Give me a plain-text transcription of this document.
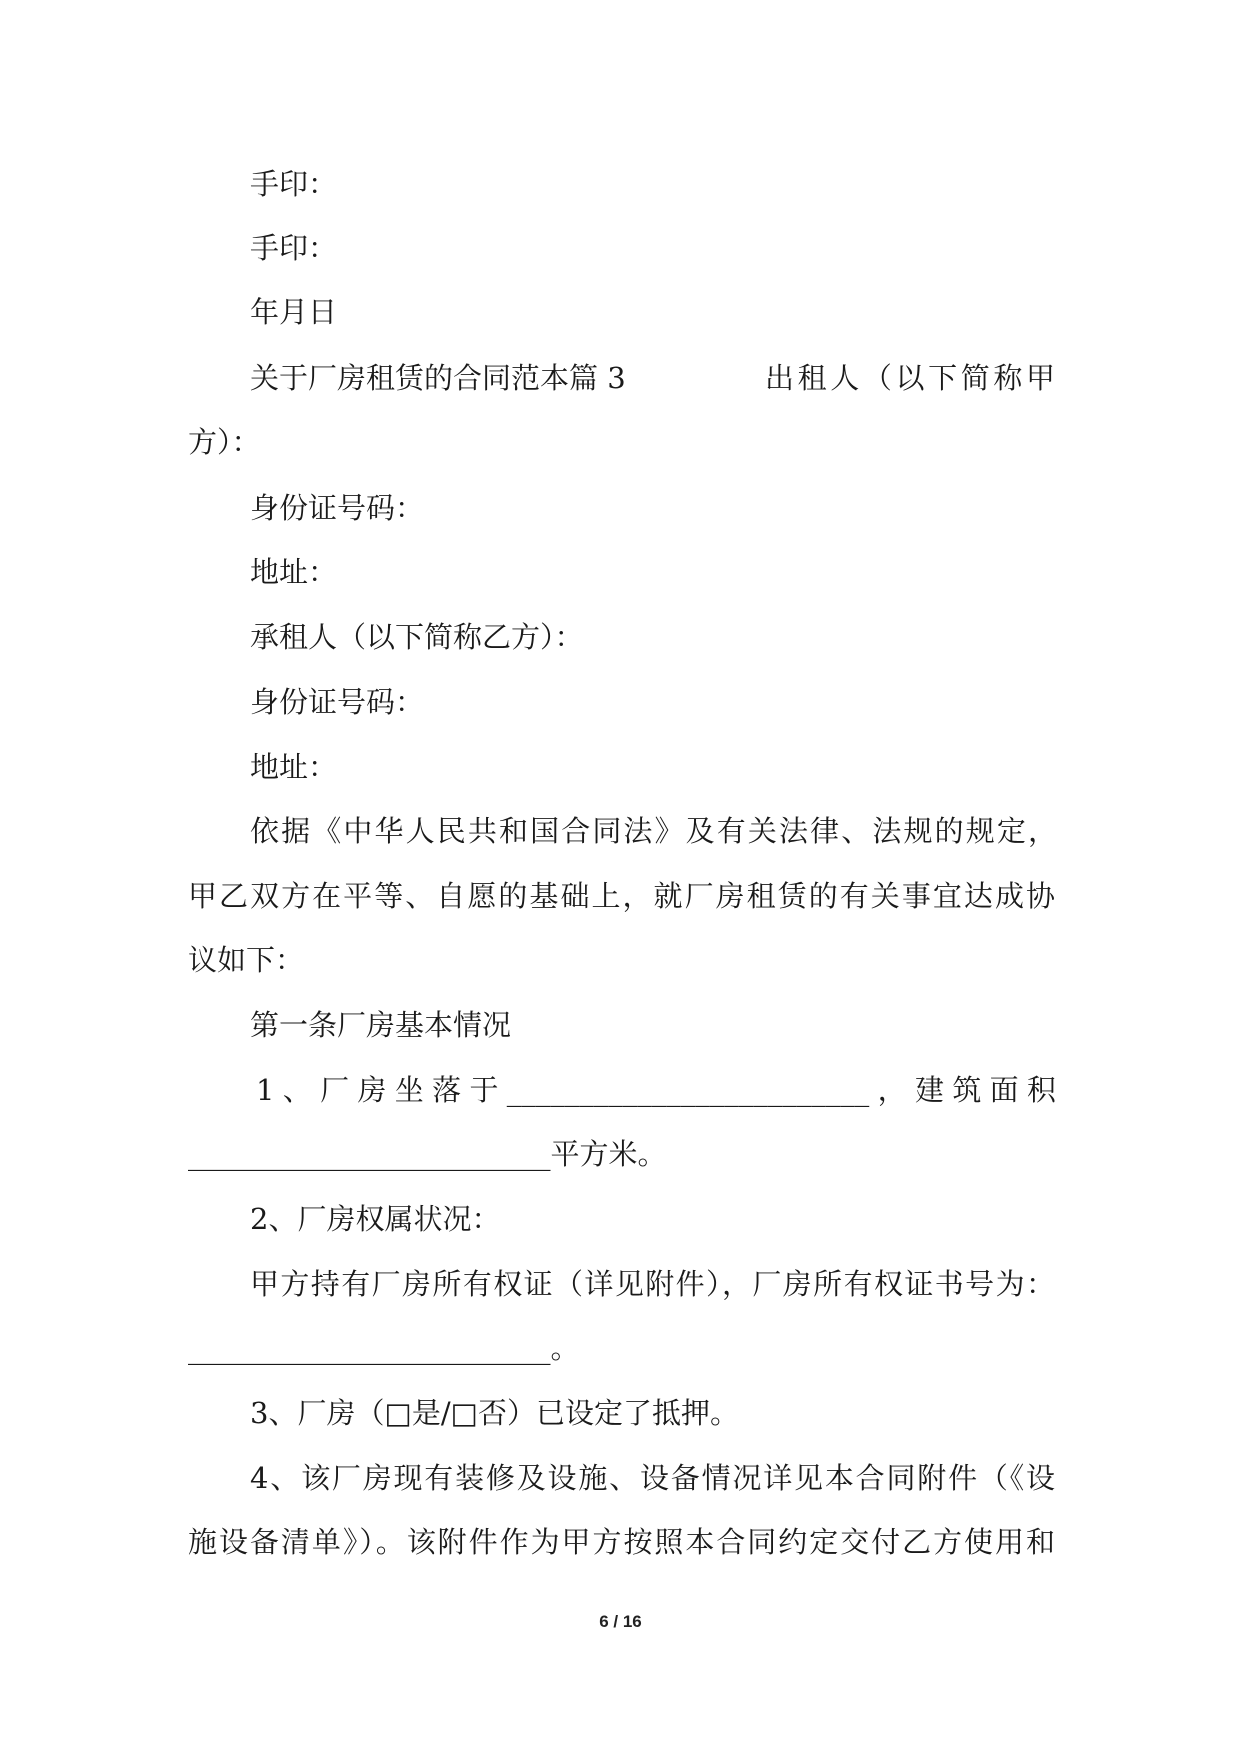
手印：
手印：
年月日
关于厂房租赁的合同范本篇 3	出租人（以下简称甲
方）：
身份证号码：
地址：
承租人（以下简称乙方）：
身份证号码：
地址：
依据《中华人民共和国合同法》及有关法律、法规的规定，
甲乙双方在平等、自愿的基础上，就厂房租赁的有关事宜达成协
议如下：
第一条厂房基本情况
1、厂房坐落于_________________________，建筑面积
_________________________平方米。
2、厂房权属状况：
甲方持有厂房所有权证（详见附件），厂房所有权证书号为：
_________________________。
3、厂房（□是/□否）已设定了抵押。
4、该厂房现有装修及设施、设备情况详见本合同附件（《设
施设备清单》）。该附件作为甲方按照本合同约定交付乙方使用和
6 / 16
